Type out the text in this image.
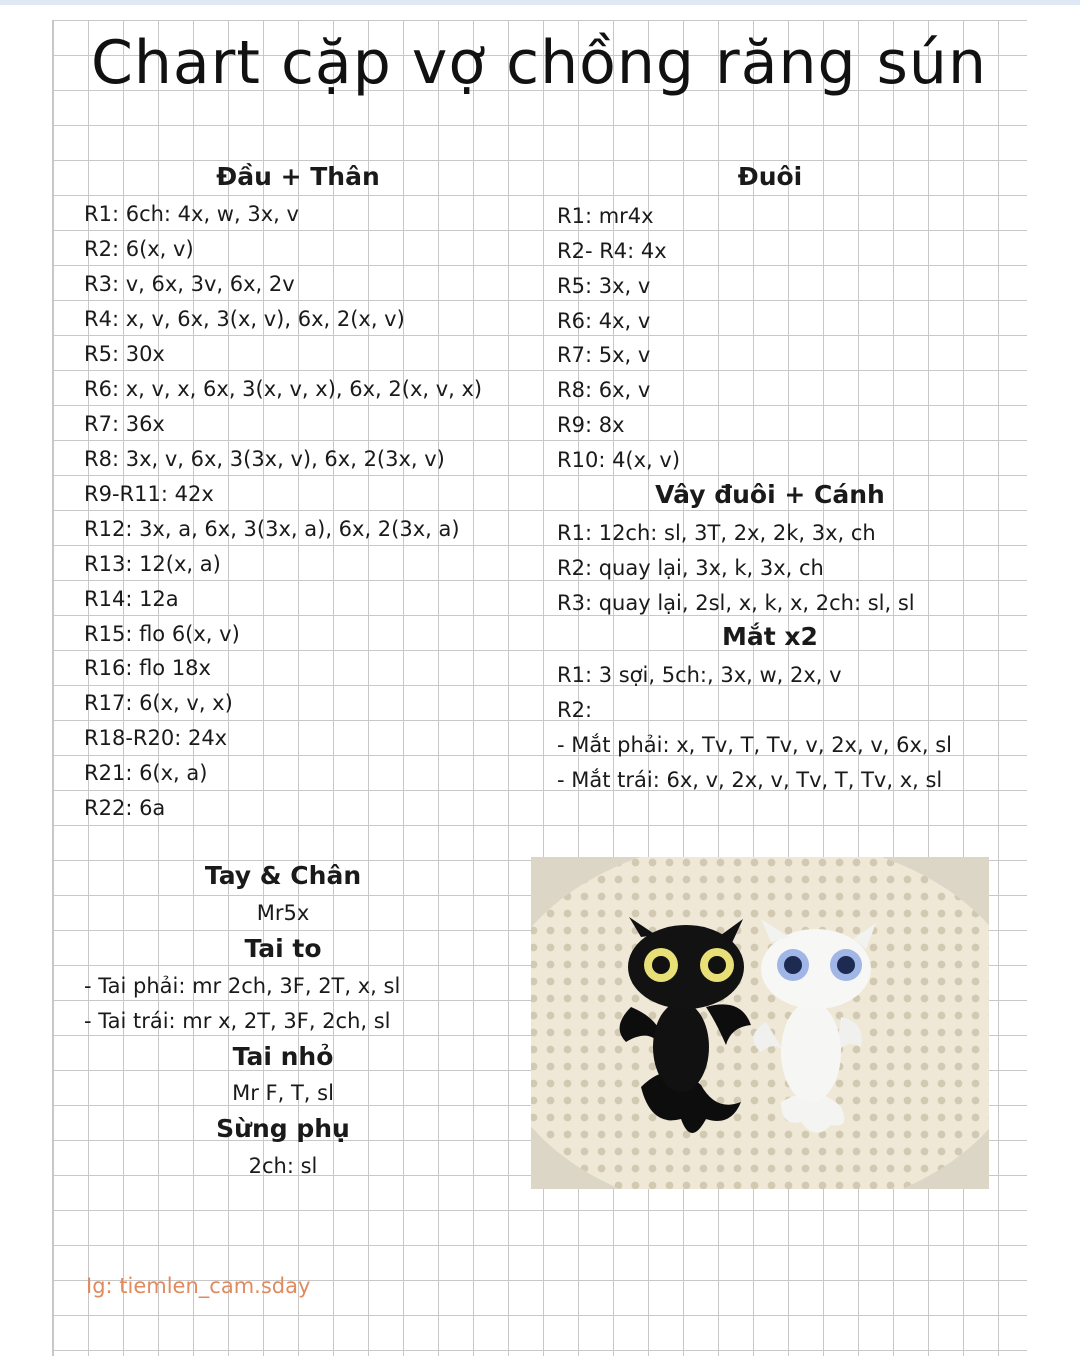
Chart cặp vợ chồng răng sún
Đầu + Thân
R1: 6ch: 4x, w, 3x, v
R2: 6(x, v)
R3: v, 6x, 3v, 6x, 2v
R4: x, v, 6x, 3(x, v), 6x, 2(x, v)
R5: 30x
R6: x, v, x, 6x, 3(x, v, x), 6x, 2(x, v, x)
R7: 36x
R8: 3x, v, 6x, 3(3x, v), 6x, 2(3x, v)
R9-R11: 42x
R12: 3x, a, 6x, 3(3x, a), 6x, 2(3x, a)
R13: 12(x, a)
R14: 12a
R15: flo 6(x, v)
R16: flo 18x
R17: 6(x, v, x)
R18-R20: 24x
R21: 6(x, a)
R22: 6a
Đuôi
R1: mr4x
R2- R4: 4x
R5: 3x, v
R6: 4x, v
R7: 5x, v
R8: 6x, v
R9: 8x
R10: 4(x, v)
Vây đuôi + Cánh
R1: 12ch: sl, 3T, 2x, 2k, 3x, ch
R2: quay lại, 3x, k, 3x, ch
R3: quay lại, 2sl, x, k, x, 2ch: sl, sl
Mắt x2
R1: 3 sợi, 5ch:, 3x, w, 2x, v
R2:
- Mắt phải: x, Tv, T, Tv, v, 2x, v, 6x, sl
- Mắt trái: 6x, v, 2x, v, Tv, T, Tv, x, sl
Tay & Chân
Mr5x
Tai to
- Tai phải: mr 2ch, 3F, 2T, x, sl
- Tai trái: mr x, 2T, 3F, 2ch, sl
Tai nhỏ
Mr F, T, sl
Sừng phụ
2ch: sl
Ig: tiemlen_cam.sday
